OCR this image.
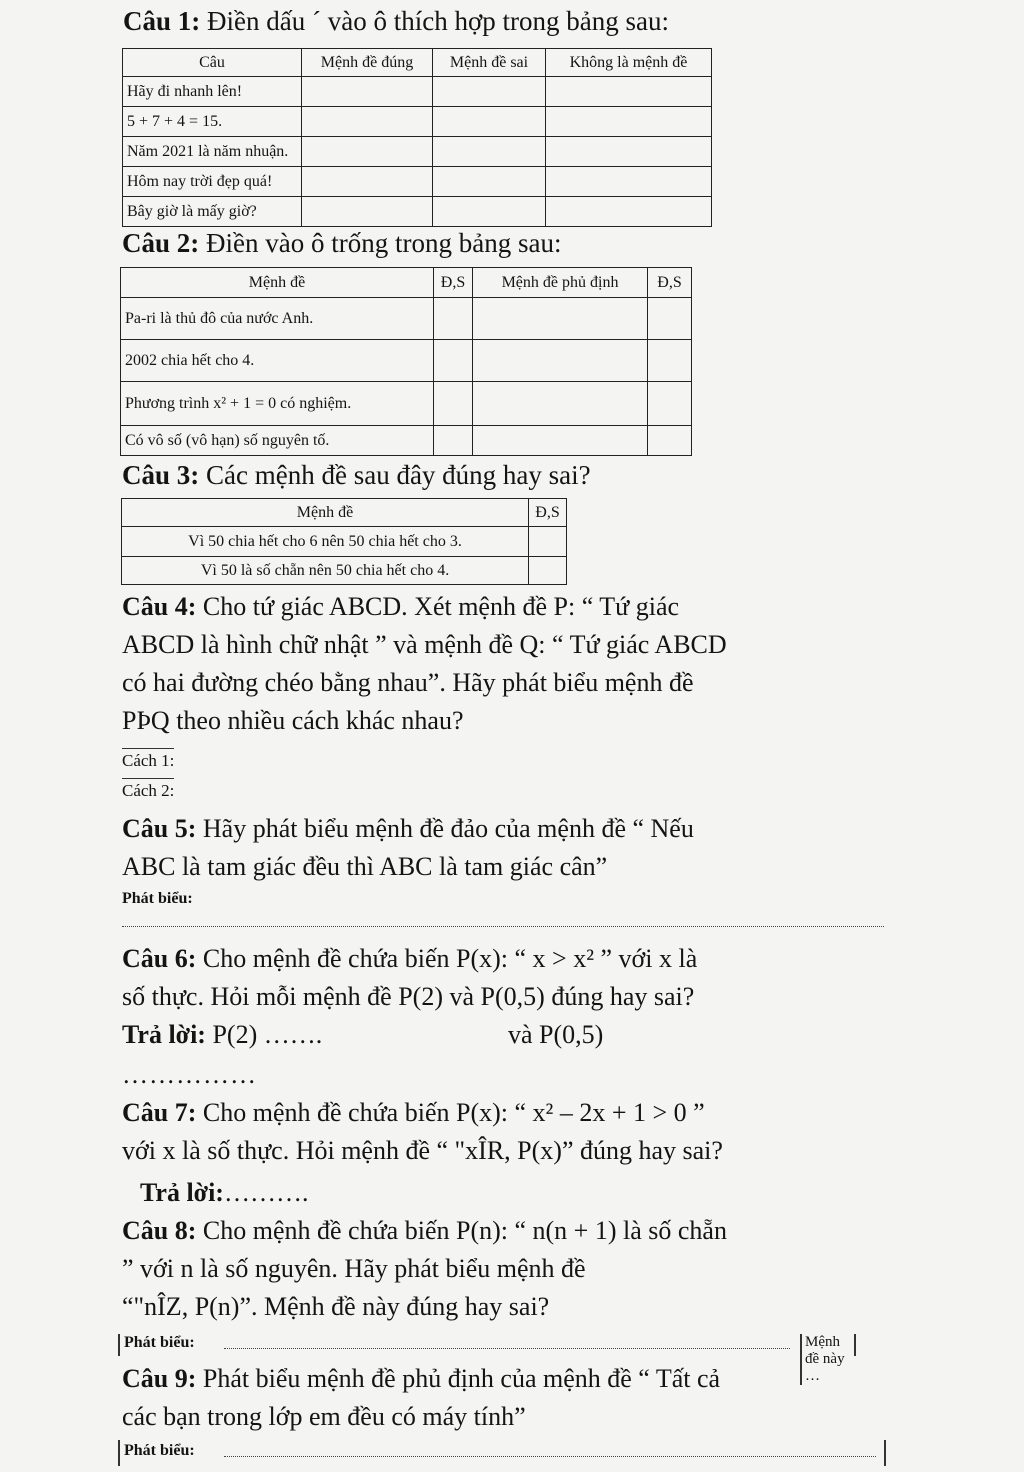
Câu 1: Điền dấu ´ vào ô thích hợp trong bảng sau:
Câu	Mệnh đề đúng	Mệnh đề sai	Không là mệnh đề
Hãy đi nhanh lên!			
5 + 7 + 4 = 15.			
Năm 2021 là năm nhuận.			
Hôm nay trời đẹp quá!			
Bây giờ là mấy giờ?			
Câu 2: Điền vào ô trống trong bảng sau:
Mệnh đề	Đ,S	Mệnh đề phủ định	Đ,S
Pa-ri là thủ đô của nước Anh.			
2002 chia hết cho 4.			
Phương trình x² + 1 = 0 có nghiệm.			
Có vô số (vô hạn) số nguyên tố.			
Câu 3: Các mệnh đề sau đây đúng hay sai?
Mệnh đề	Đ,S
Vì 50 chia hết cho 6 nên 50 chia hết cho 3.	
Vì 50 là số chẵn nên 50 chia hết cho 4.	
Câu 4: Cho tứ giác ABCD. Xét mệnh đề P: “ Tứ giác
ABCD là hình chữ nhật ” và mệnh đề Q: “ Tứ giác ABCD
có hai đường chéo bằng nhau”. Hãy phát biểu mệnh đề
PÞQ theo nhiều cách khác nhau?
Cách 1:
Cách 2:
Câu 5: Hãy phát biểu mệnh đề đảo của mệnh đề “ Nếu
ABC là tam giác đều thì ABC là tam giác cân”
Phát biểu:
Câu 6: Cho mệnh đề chứa biến P(x): “ x > x² ” với x là
số thực. Hỏi mỗi mệnh đề P(2) và P(0,5) đúng hay sai?
Trả lời: P(2) …….	và P(0,5)
……………
Câu 7: Cho mệnh đề chứa biến P(x): “ x² – 2x + 1 > 0 ”
với x là số thực. Hỏi mệnh đề “ "xÎR, P(x)” đúng hay sai?
Trả lời:……….
Câu 8: Cho mệnh đề chứa biến P(n): “ n(n + 1) là số chẵn
” với n là số nguyên. Hãy phát biểu mệnh đề
“"nÎZ, P(n)”. Mệnh đề này đúng hay sai?
Phát biểu:	Mệnh đề này …
Câu 9: Phát biểu mệnh đề phủ định của mệnh đề “ Tất cả
các bạn trong lớp em đều có máy tính”
Phát biểu:
